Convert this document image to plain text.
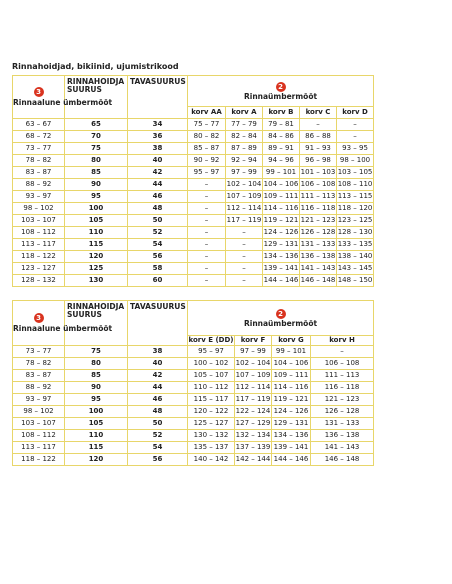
Rinnahoidjad, bikiinid, ujumistrikood
3
Rinnaalune ümbermõõt	RINNAHOIDJA SUURUS	TAVASUURUS	2
Rinnaümbermõõt				

			korv AA	korv A	korv B	korv C	korv D
63 – 67	65	34	75 – 77	77 – 79	79 – 81	–	–
68 – 72	70	36	80 – 82	82 – 84	84 – 86	86 – 88	–
73 – 77	75	38	85 – 87	87 – 89	89 – 91	91 – 93	93 – 95
78 – 82	80	40	90 – 92	92 – 94	94 – 96	96 – 98	98 – 100
83 – 87	85	42	95 – 97	97 – 99	99 – 101	101 – 103	103 – 105
88 – 92	90	44	–	102 – 104	104 – 106	106 – 108	108 – 110
93 – 97	95	46	–	107 – 109	109 – 111	111 – 113	113 – 115
98 – 102	100	48	–	112 – 114	114 – 116	116 – 118	118 – 120
103 – 107	105	50	–	117 – 119	119 – 121	121 – 123	123 – 125
108 – 112	110	52	–	–	124 – 126	126 – 128	128 – 130
113 – 117	115	54	–	–	129 – 131	131 – 133	133 – 135
118 – 122	120	56	–	–	134 – 136	136 – 138	138 – 140
123 – 127	125	58	–	–	139 – 141	141 – 143	143 – 145
128 – 132	130	60	–	–	144 – 146	146 – 148	148 – 150
3
Rinnaalune ümbermõõt	RINNAHOIDJA SUURUS	TAVASUURUS	2
Rinnaümbermõõt			

			korv E (DD)	korv F	korv G	korv H
73 – 77	75	38	95 – 97	97 – 99	99 – 101	–
78 – 82	80	40	100 – 102	102 – 104	104 – 106	106 – 108
83 – 87	85	42	105 – 107	107 – 109	109 – 111	111 – 113
88 – 92	90	44	110 – 112	112 – 114	114 – 116	116 – 118
93 – 97	95	46	115 – 117	117 – 119	119 – 121	121 – 123
98 – 102	100	48	120 – 122	122 – 124	124 – 126	126 – 128
103 – 107	105	50	125 – 127	127 – 129	129 – 131	131 – 133
108 – 112	110	52	130 – 132	132 – 134	134 – 136	136 – 138
113 – 117	115	54	135 – 137	137 – 139	139 – 141	141 – 143
118 – 122	120	56	140 – 142	142 – 144	144 – 146	146 – 148
